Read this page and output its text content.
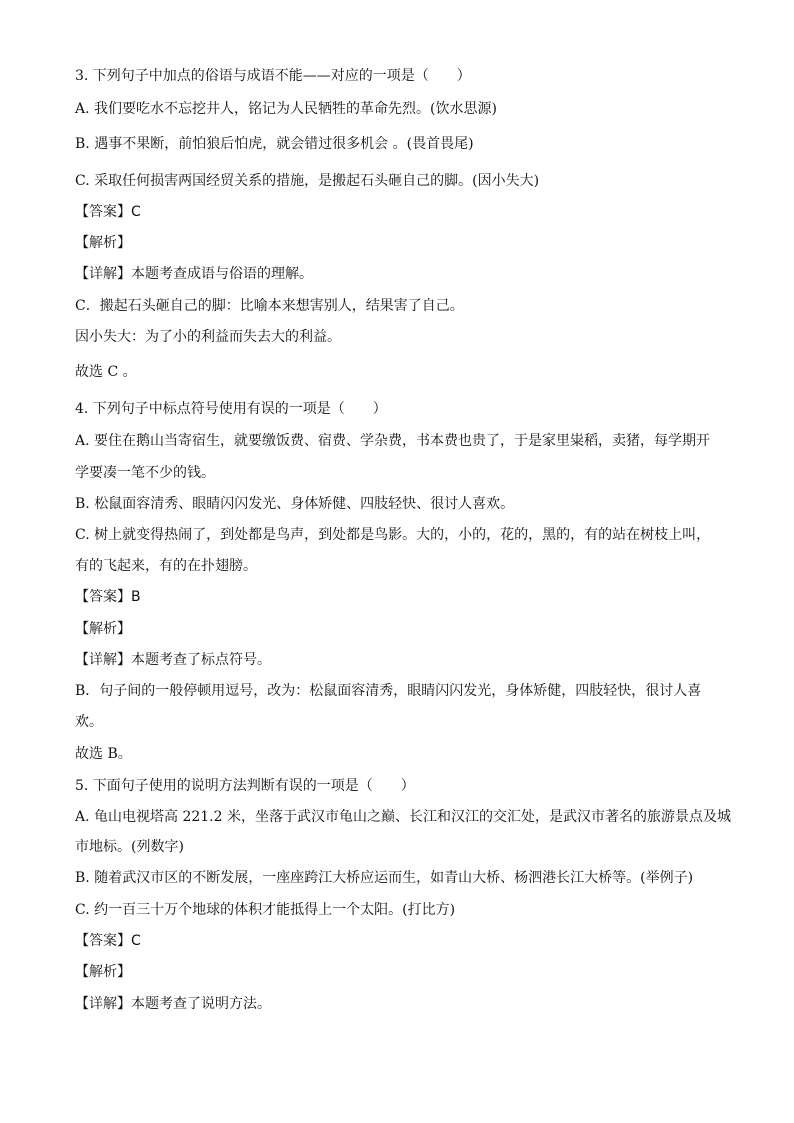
3. 下列句子中加点的俗语与成语不能——对应的一项是（　　）
A. 我们要吃水不忘挖井人，铭记为人民牺牲的革命先烈。(饮水思源)
B. 遇事不果断，前怕狼后怕虎，就会错过很多机会 。(畏首畏尾)
C. 采取任何损害两国经贸关系的措施，是搬起石头砸自己的脚。(因小失大)
【答案】C
【解析】
【详解】本题考查成语与俗语的理解。
C．搬起石头砸自己的脚：比喻本来想害别人，结果害了自己。
因小失大：为了小的利益而失去大的利益。
故选 C 。
4. 下列句子中标点符号使用有误的一项是（　　）
A. 要住在鹅山当寄宿生，就要缴饭费、宿费、学杂费，书本费也贵了，于是家里粜稻，卖猪，每学期开
学要凑一笔不少的钱。
B. 松鼠面容清秀、眼睛闪闪发光、身体矫健、四肢轻快、很讨人喜欢。
C. 树上就变得热闹了，到处都是鸟声，到处都是鸟影。大的，小的，花的，黑的，有的站在树枝上叫，
有的飞起来，有的在扑翅膀。
【答案】B
【解析】
【详解】本题考查了标点符号。
B．句子间的一般停顿用逗号，改为：松鼠面容清秀，眼睛闪闪发光，身体矫健，四肢轻快，很讨人喜
欢。
故选 B。
5. 下面句子使用的说明方法判断有误的一项是（　　）
A. 龟山电视塔高 221.2 米，坐落于武汉市龟山之巅、长江和汉江的交汇处，是武汉市著名的旅游景点及城
市地标。(列数字)
B. 随着武汉市区的不断发展，一座座跨江大桥应运而生，如青山大桥、杨泗港长江大桥等。(举例子)
C. 约一百三十万个地球的体积才能抵得上一个太阳。(打比方)
【答案】C
【解析】
【详解】本题考查了说明方法。
